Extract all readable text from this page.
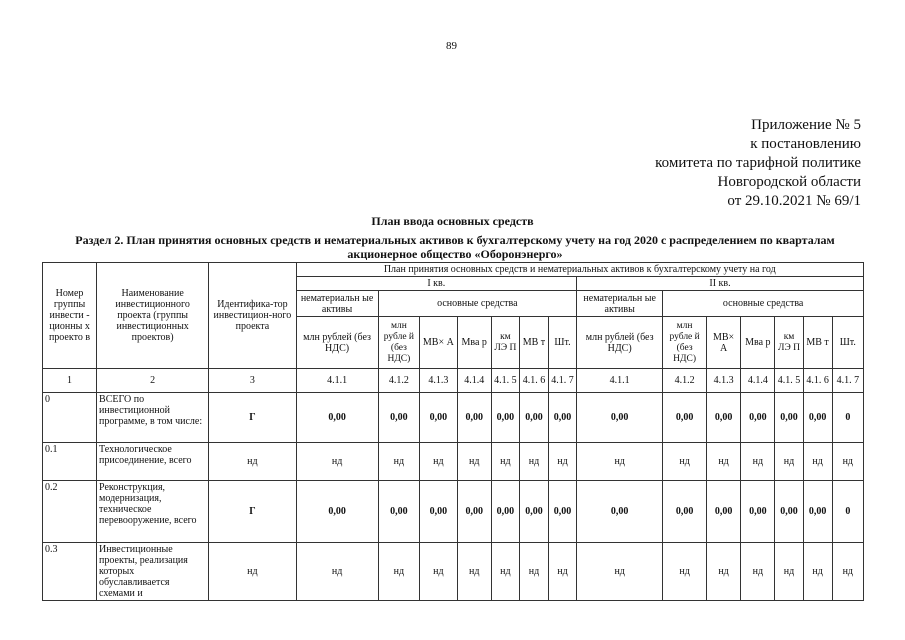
89
Приложение № 5
к постановлению
комитета по тарифной политике
Новгородской области
от 29.10.2021 № 69/1
План ввода основных средств
Раздел 2. План принятия основных средств и нематериальных активов к бухгалтерскому учету на год 2020 с распределением по кварталам акционерное общество «Оборонэнерго»
Номер группы инвести - ционны х проекто в	Наименование инвестиционного проекта (группы инвестиционных проектов)	Идентифика-тор инвестицион-ного проекта	План принятия основных средств и нематериальных активов к бухгалтерскому учету на год													
			I кв.							II кв.						
			нематериальн ые активы	основные средства						нематериальн ые активы	основные средства					
			млн рублей (без НДС)	млн рубле й (без НДС)	МВ× А	Мва р	км ЛЭ П	МВ т	Шт.	млн рублей (без НДС)	млн рубле й (без НДС)	МВ× А	Мва р	км ЛЭ П	МВ т	Шт.
1	2	3	4.1.1	4.1.2	4.1.3	4.1.4	4.1. 5	4.1. 6	4.1. 7	4.1.1	4.1.2	4.1.3	4.1.4	4.1. 5	4.1. 6	4.1. 7
0	ВСЕГО по инвестиционной программе, в том числе:	Г	0,00	0,00	0,00	0,00	0,00	0,00	0,00	0,00	0,00	0,00	0,00	0,00	0,00	0
0.1	Технологическое присоединение, всего	нд	нд	нд	нд	нд	нд	нд	нд	нд	нд	нд	нд	нд	нд	нд
0.2	Реконструкция, модернизация, техническое перевооружение, всего	Г	0,00	0,00	0,00	0,00	0,00	0,00	0,00	0,00	0,00	0,00	0,00	0,00	0,00	0
0.3	Инвестиционные проекты, реализация которых обуславливается схемами и	нд	нд	нд	нд	нд	нд	нд	нд	нд	нд	нд	нд	нд	нд	нд
